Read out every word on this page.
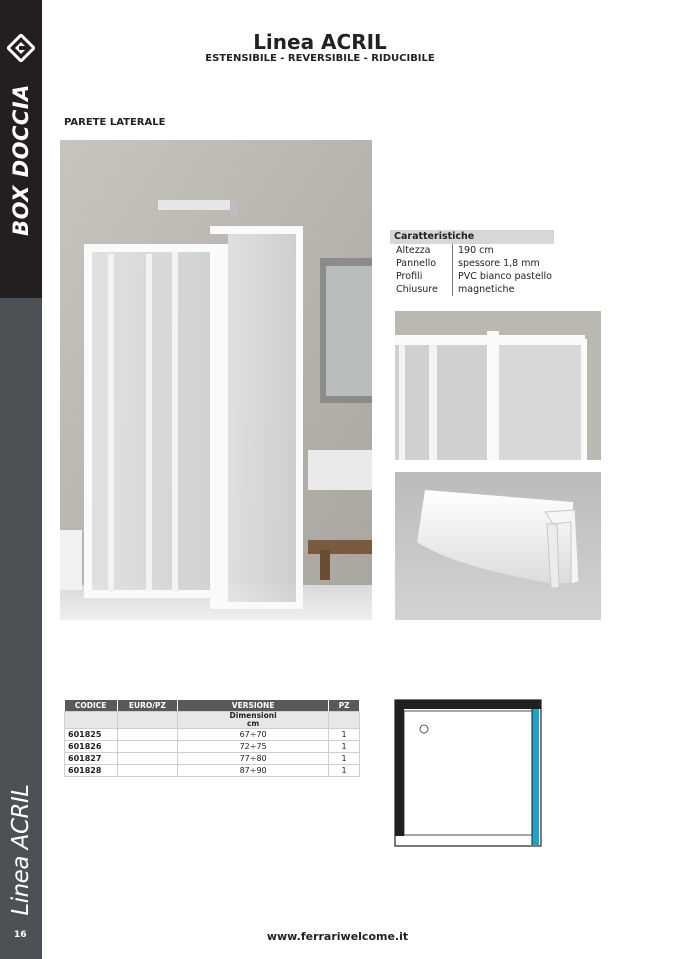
BOX DOCCIA
Linea ACRIL
16
Linea ACRIL
ESTENSIBILE - REVERSIBILE - RIDUCIBILE
PARETE LATERALE
Caratteristiche
Altezza	190 cm
Pannello	spessore 1,8 mm
Profili	PVC bianco pastello
Chiusure	magnetiche
CODICE	EURO/PZ	VERSIONE	PZ

		Dimensioni
cm	

601825		67÷70	1
601826		72÷75	1
601827		77÷80	1
601828		87÷90	1
www.ferrariwelcome.it
